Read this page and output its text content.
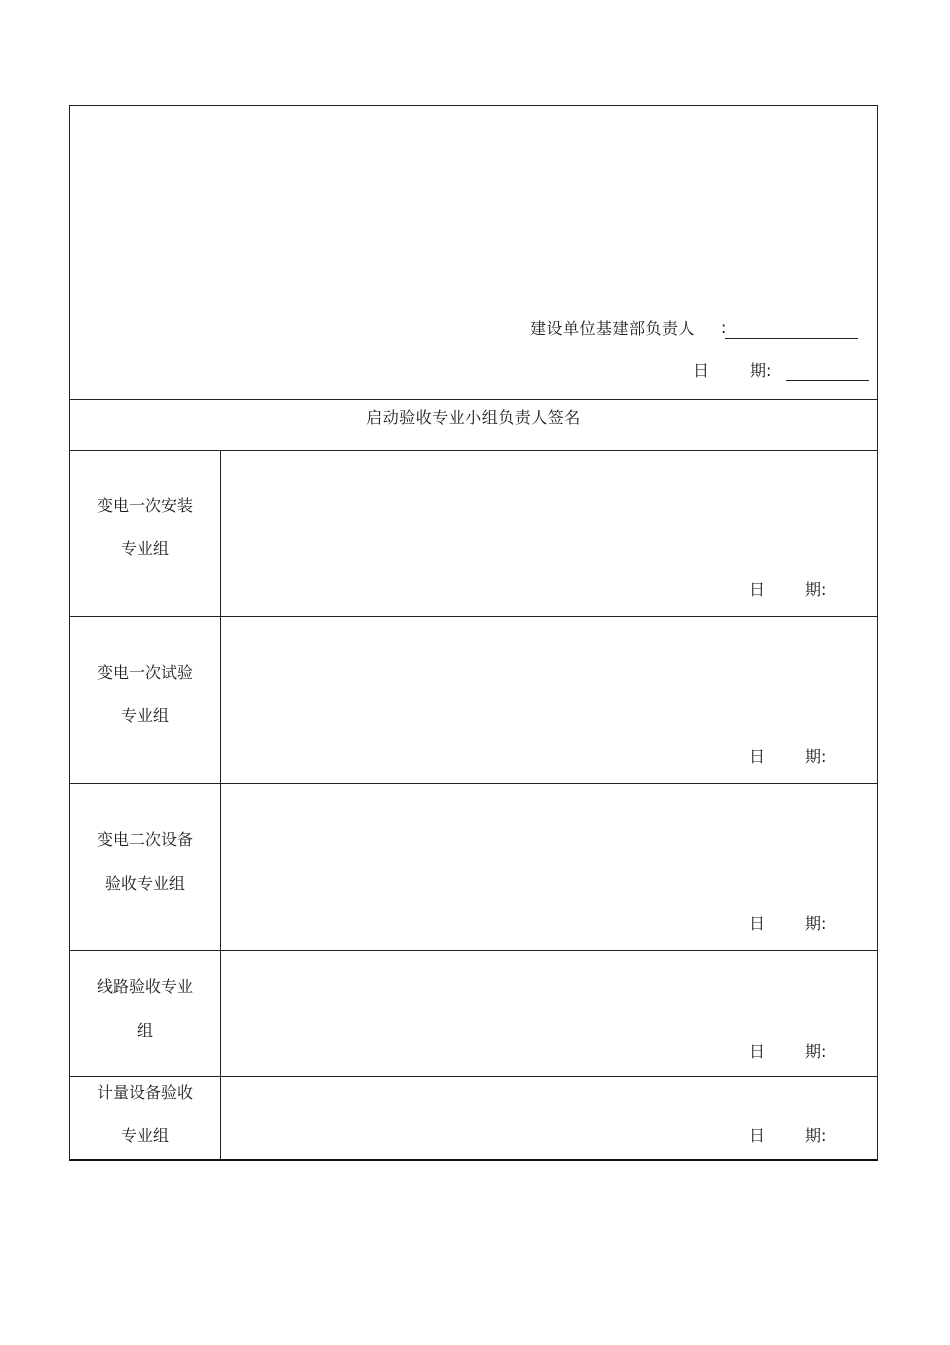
建设单位基建部负责人 :
日	期:
启动验收专业小组负责人签名
变电一次安装
专业组
日 期:
变电一次试验
专业组
日 期:
变电二次设备
验收专业组
日 期:
线路验收专业
组
日 期:
计量设备验收
专业组	日 期:
